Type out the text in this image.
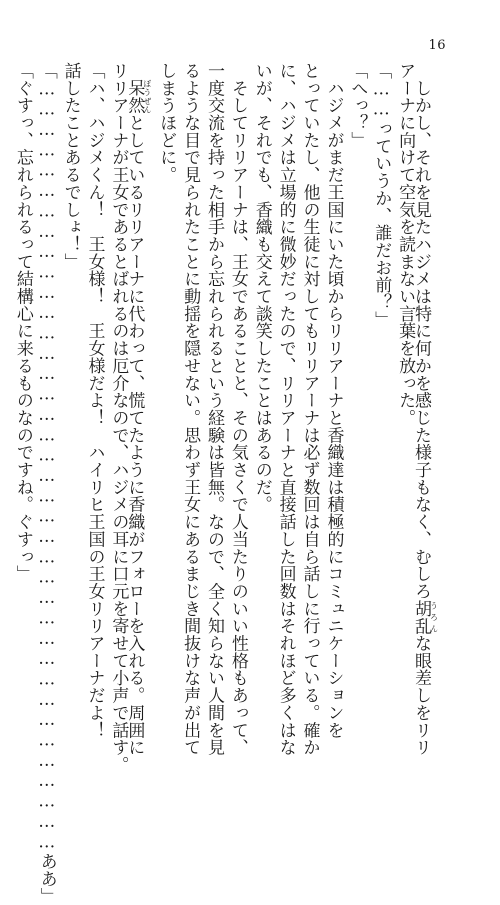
16
　しかし、それを見たハジメは特に何かを感じた様子もなく、むしろ胡乱うろんな眼差しをリリ
アーナに向けて空気を読まない言葉を放った。
「……っていうか、誰だお前？」
「へっ？」
　ハジメがまだ王国にいた頃からリリアーナと香織達は積極的にコミュニケーションを
とっていたし、他の生徒に対してもリリアーナは必ず数回は自ら話しに行っている。確か
に、ハジメは立場的に微妙だったので、リリアーナと直接話した回数はそれほど多くはな
いが、それでも、香織も交えて談笑したことはあるのだ。
　そしてリリアーナは、王女であることと、その気さくで人当たりのいい性格もあって、
一度交流を持った相手から忘れられるという経験は皆無。なので、全く知らない人間を見
るような目で見られたことに動揺を隠せない。思わず王女にあるまじき間抜けな声が出て
しまうほどに。
　呆然ぼうぜんとしているリリアーナに代わって、慌てたように香織がフォローを入れる。周囲に
リリアーナが王女であるとばれるのは厄介なので、ハジメの耳に口元を寄せて小声で話す。
「ハ、ハジメくん！　王女様！　王女様だよ！　ハイリヒ王国の王女リリアーナだよ！
話したことあるでしょ！」
「……………………………………………………………………………………………………ああ」
「ぐすっ、忘れられるって結構心に来るものなのですね。ぐすっ」
